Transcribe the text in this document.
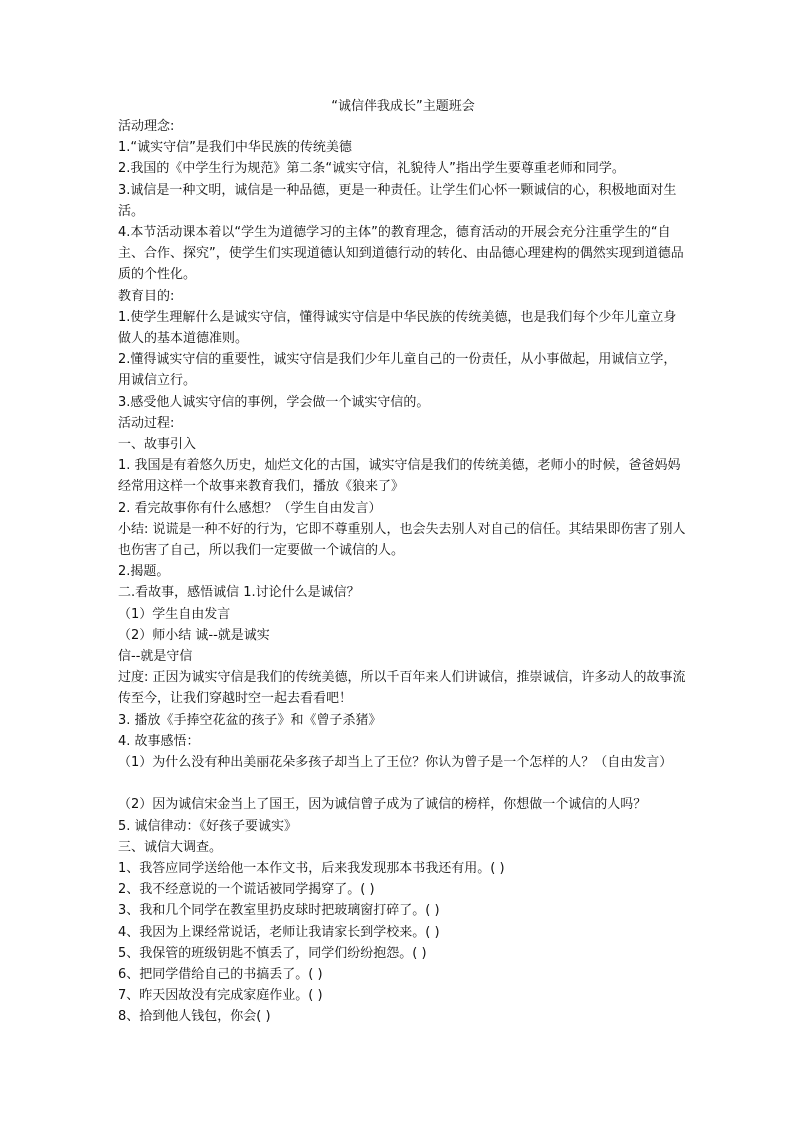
“诚信伴我成长”主题班会

活动理念:

1.“诚实守信”是我们中华民族的传统美德

2.我国的《中学生行为规范》第二条“诚实守信，礼貌待人”指出学生要尊重老师和同学。

3.诚信是一种文明，诚信是一种品德，更是一种责任。让学生们心怀一颗诚信的心，积极地面对生活。

4.本节活动课本着以“学生为道德学习的主体”的教育理念，德育活动的开展会充分注重学生的“自主、合作、探究”，使学生们实现道德认知到道德行动的转化、由品德心理建构的偶然实现到道德品质的个性化。

教育目的:

1.使学生理解什么是诚实守信，懂得诚实守信是中华民族的传统美德，也是我们每个少年儿童立身做人的基本道德准则。

2.懂得诚实守信的重要性，诚实守信是我们少年儿童自己的一份责任，从小事做起，用诚信立学，用诚信立行。

3.感受他人诚实守信的事例，学会做一个诚实守信的。

活动过程:

一、故事引入

1. 我国是有着悠久历史，灿烂文化的古国，诚实守信是我们的传统美德，老师小的时候，爸爸妈妈经常用这样一个故事来教育我们，播放《狼来了》

2. 看完故事你有什么感想？（学生自由发言）

小结: 说谎是一种不好的行为，它即不尊重别人，也会失去别人对自己的信任。其结果即伤害了别人也伤害了自己，所以我们一定要做一个诚信的人。

2.揭题。

二.看故事，感悟诚信 1.讨论什么是诚信？

（1）学生自由发言

（2）师小结 诚--就是诚实

信--就是守信

过度: 正因为诚实守信是我们的传统美德，所以千百年来人们讲诚信，推崇诚信，许多动人的故事流传至今，让我们穿越时空一起去看看吧！

3. 播放《手捧空花盆的孩子》和《曾子杀猪》

4. 故事感悟：

（1）为什么没有种出美丽花朵多孩子却当上了王位？你认为曾子是一个怎样的人？（自由发言）

（2）因为诚信宋金当上了国王，因为诚信曾子成为了诚信的榜样，你想做一个诚信的人吗？

5. 诚信律动：《好孩子要诚实》

三、诚信大调查。

1、我答应同学送给他一本作文书，后来我发现那本书我还有用。( )

2、我不经意说的一个谎话被同学揭穿了。( )

3、我和几个同学在教室里扔皮球时把玻璃窗打碎了。( )

4、我因为上课经常说话，老师让我请家长到学校来。( )

5、我保管的班级钥匙不慎丢了，同学们纷纷抱怨。( )

6、把同学借给自己的书搞丢了。( )

7、昨天因故没有完成家庭作业。( )

8、拾到他人钱包，你会( )
